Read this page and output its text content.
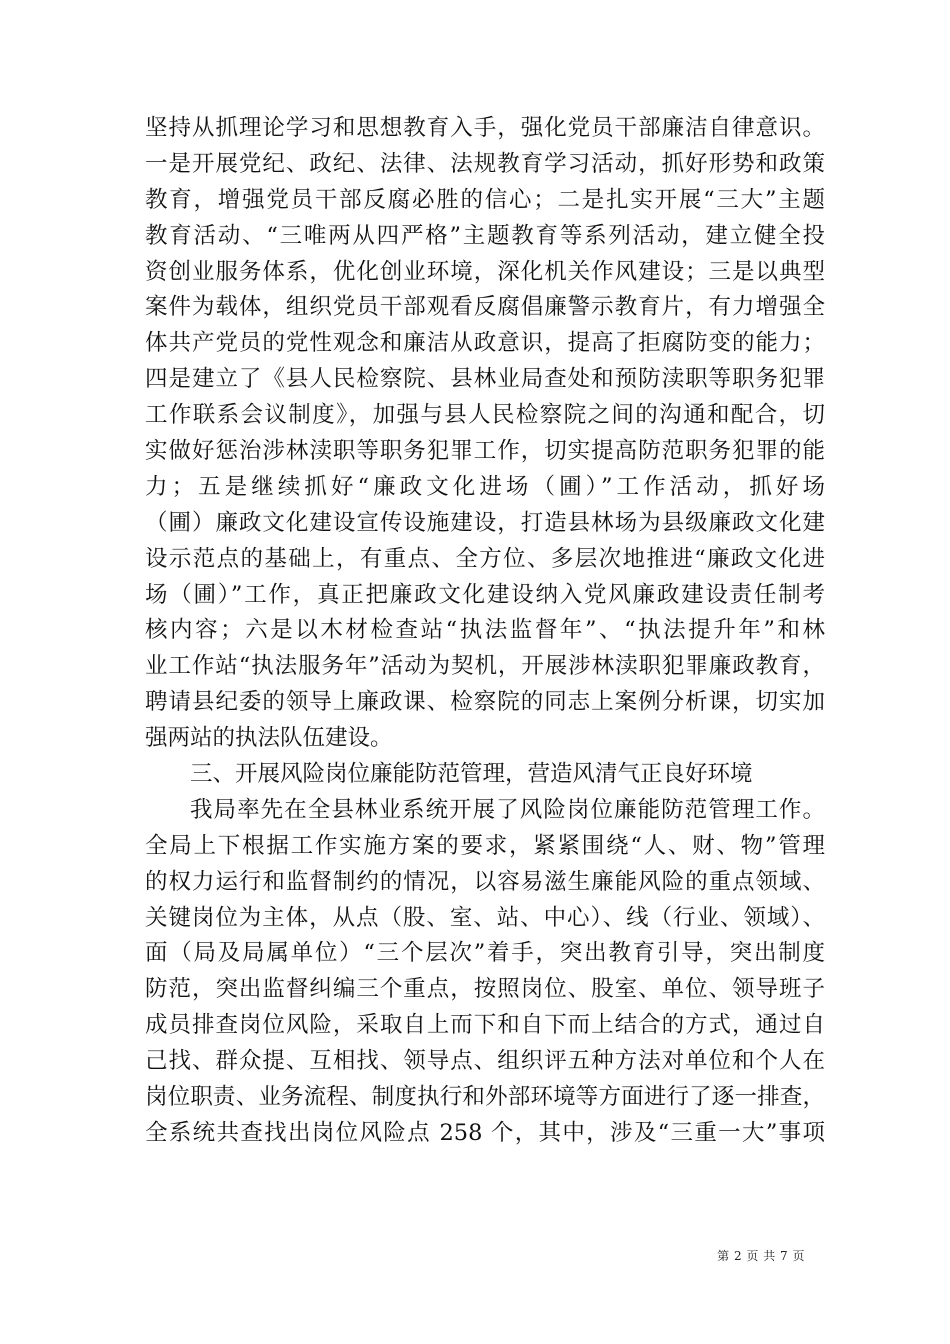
坚持从抓理论学习和思想教育入手，强化党员干部廉洁自律意识。
一是开展党纪、政纪、法律、法规教育学习活动，抓好形势和政策
教育，增强党员干部反腐必胜的信心；二是扎实开展“三大”主题
教育活动、“三唯两从四严格”主题教育等系列活动，建立健全投
资创业服务体系，优化创业环境，深化机关作风建设；三是以典型
案件为载体，组织党员干部观看反腐倡廉警示教育片，有力增强全
体共产党员的党性观念和廉洁从政意识，提高了拒腐防变的能力；
四是建立了《县人民检察院、县林业局查处和预防渎职等职务犯罪
工作联系会议制度》，加强与县人民检察院之间的沟通和配合，切
实做好惩治涉林渎职等职务犯罪工作，切实提高防范职务犯罪的能
力；五是继续抓好“廉政文化进场（圃）”工作活动，抓好场
（圃）廉政文化建设宣传设施建设，打造县林场为县级廉政文化建
设示范点的基础上，有重点、全方位、多层次地推进“廉政文化进
场（圃）”工作，真正把廉政文化建设纳入党风廉政建设责任制考
核内容；六是以木材检查站“执法监督年”、“执法提升年”和林
业工作站“执法服务年”活动为契机，开展涉林渎职犯罪廉政教育，
聘请县纪委的领导上廉政课、检察院的同志上案例分析课，切实加
强两站的执法队伍建设。
三、开展风险岗位廉能防范管理，营造风清气正良好环境
我局率先在全县林业系统开展了风险岗位廉能防范管理工作。
全局上下根据工作实施方案的要求，紧紧围绕“人、财、物”管理
的权力运行和监督制约的情况，以容易滋生廉能风险的重点领域、
关键岗位为主体，从点（股、室、站、中心）、线（行业、领域）、
面（局及局属单位）“三个层次”着手，突出教育引导，突出制度
防范，突出监督纠编三个重点，按照岗位、股室、单位、领导班子
成员排查岗位风险，采取自上而下和自下而上结合的方式，通过自
己找、群众提、互相找、领导点、组织评五种方法对单位和个人在
岗位职责、业务流程、制度执行和外部环境等方面进行了逐一排查，
全系统共查找出岗位风险点 258 个，其中，涉及“三重一大”事项
第 2 页 共 7 页
